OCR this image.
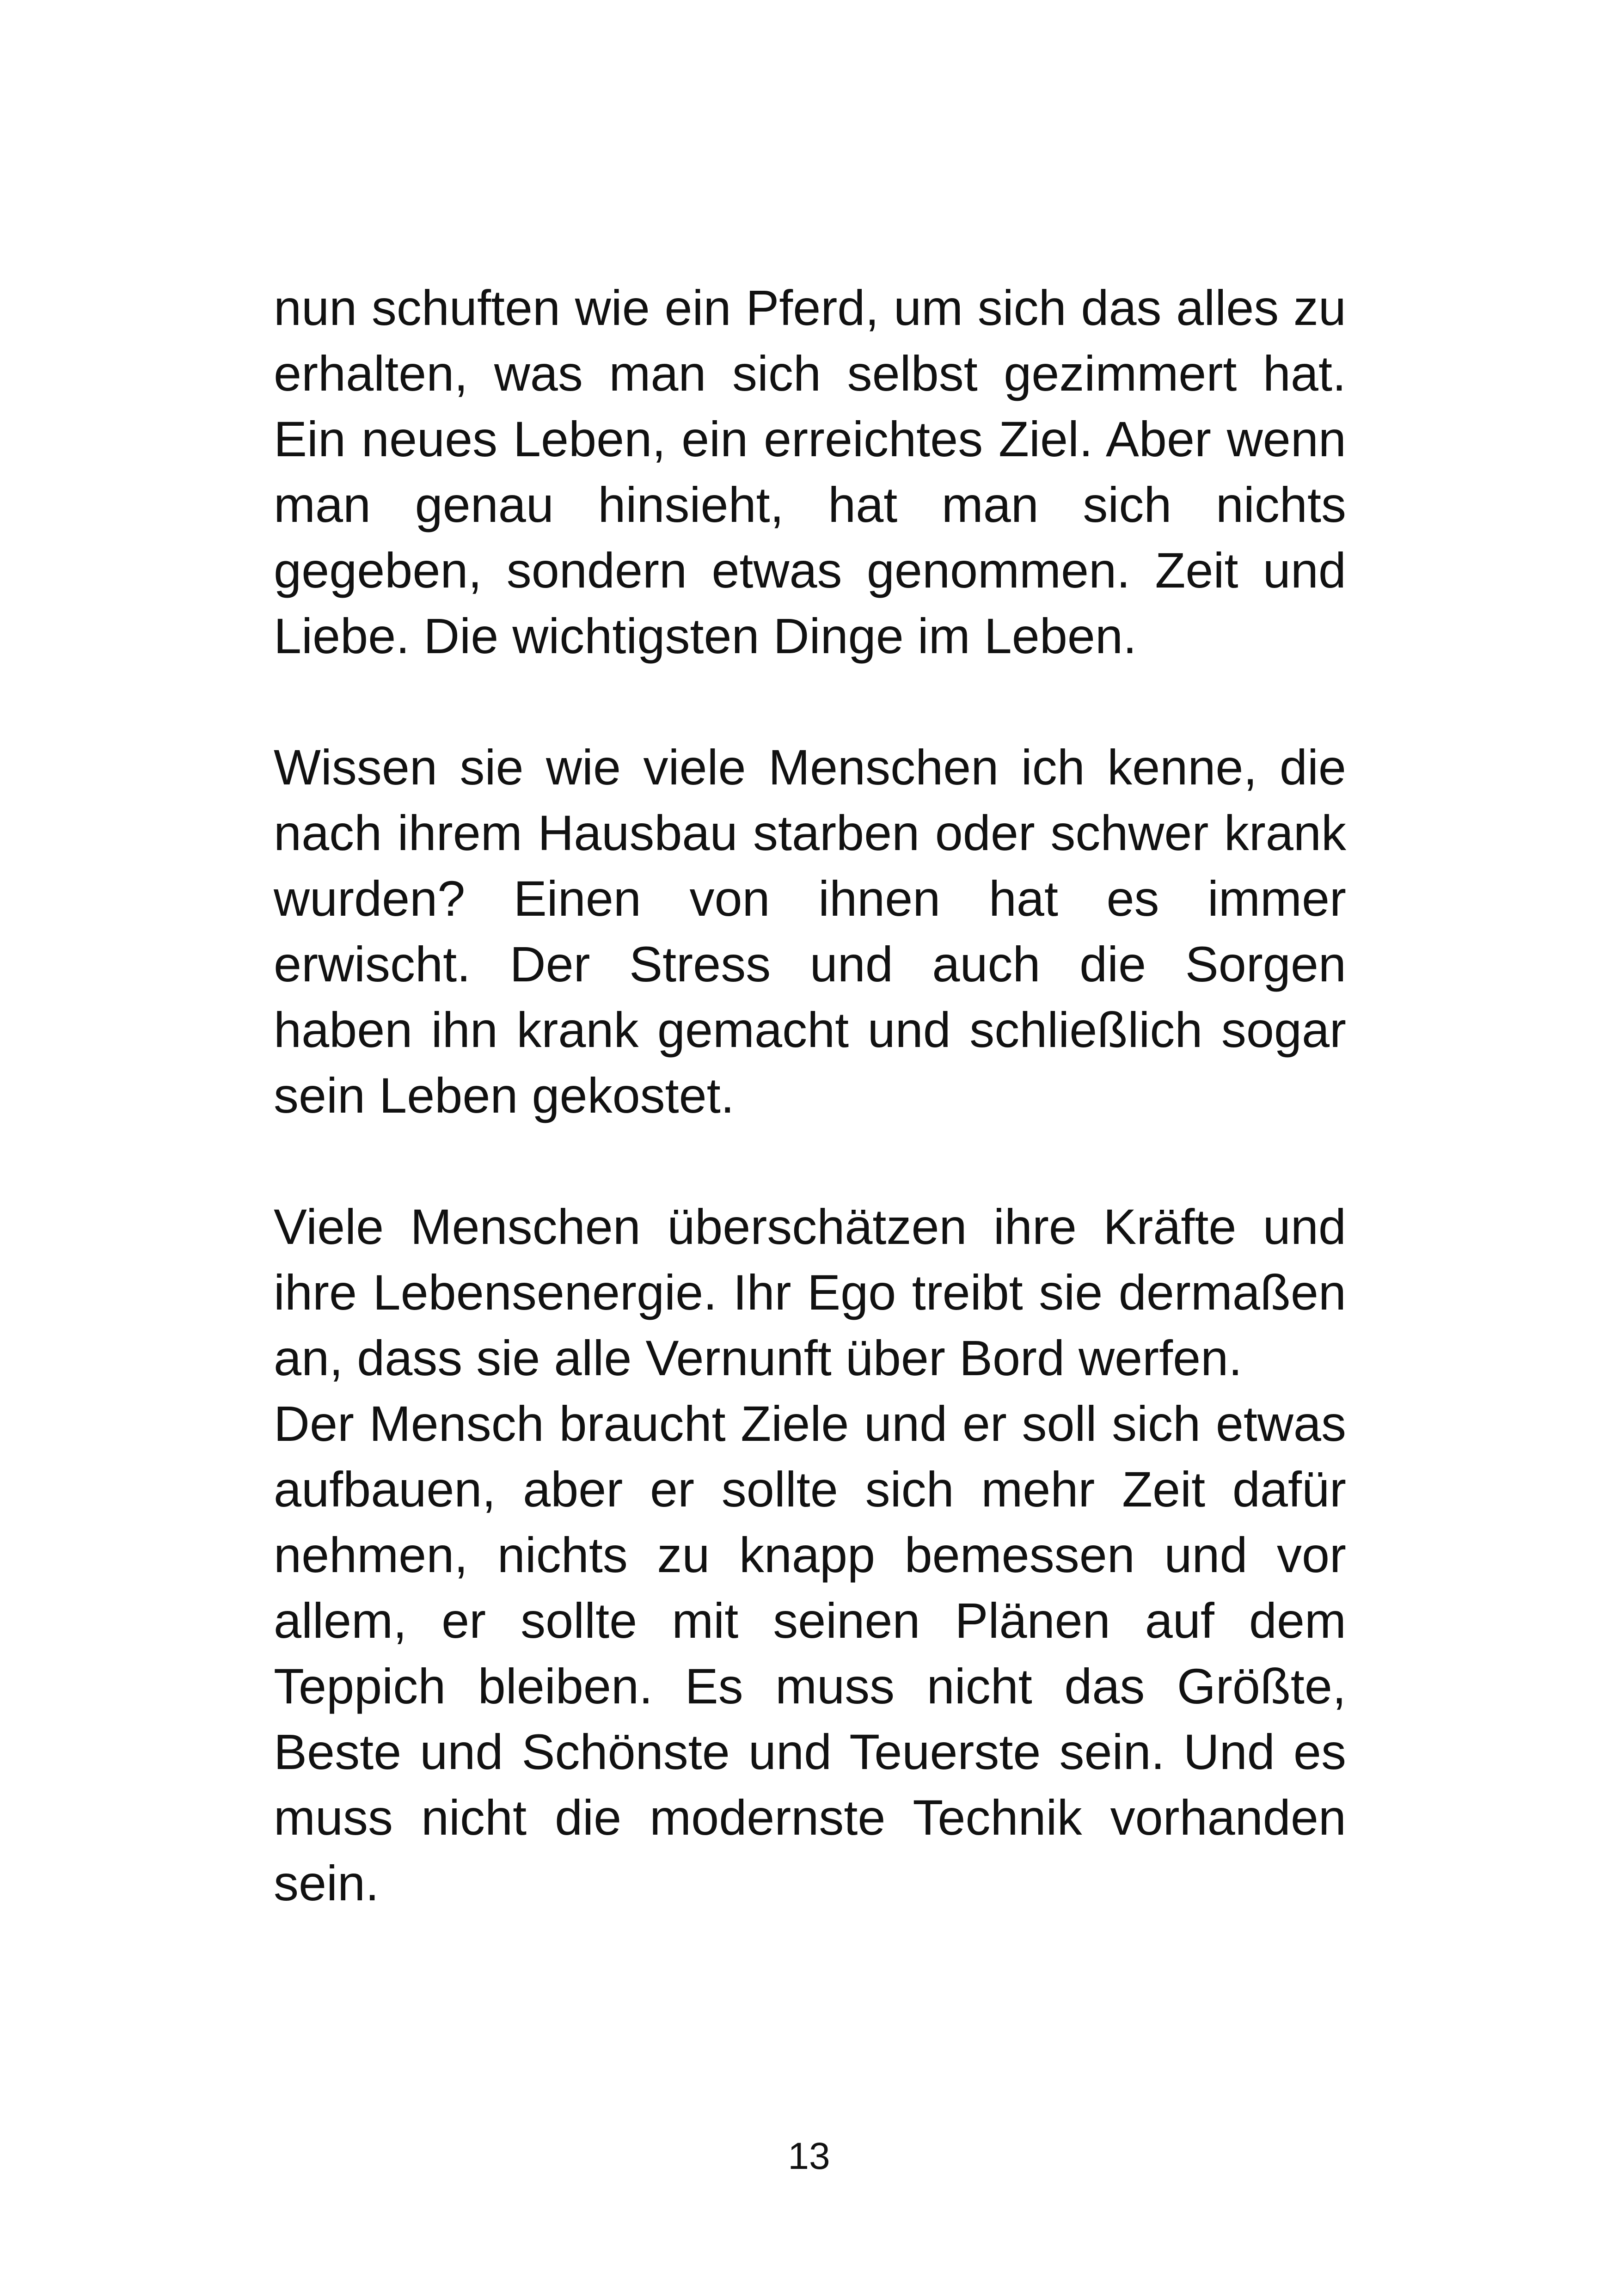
nun schuften wie ein Pferd, um sich das alles zu erhalten, was man sich selbst gezimmert hat. Ein neues Leben, ein erreichtes Ziel. Aber wenn man genau hinsieht, hat man sich nichts gegeben, sondern etwas genommen. Zeit und Liebe. Die wichtigsten Dinge im Leben.

Wissen sie wie viele Menschen ich kenne, die nach ihrem Hausbau starben oder schwer krank wurden? Einen von ihnen hat es immer erwischt. Der Stress und auch die Sorgen haben ihn krank gemacht und schließlich sogar sein Leben gekostet.

Viele Menschen überschätzen ihre Kräfte und ihre Lebensenergie. Ihr Ego treibt sie dermaßen an, dass sie alle Vernunft über Bord werfen.
Der Mensch braucht Ziele und er soll sich etwas aufbauen, aber er sollte sich mehr Zeit dafür nehmen, nichts zu knapp bemessen und vor allem, er sollte mit seinen Plänen auf dem Teppich bleiben. Es muss nicht das Größte, Beste und Schönste und Teuerste sein. Und es muss nicht die modernste Technik vorhanden sein.

13
